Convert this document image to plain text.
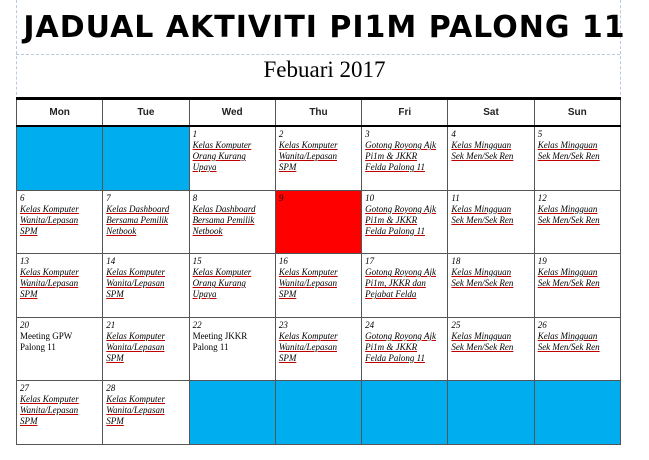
JADUAL AKTIVITI PI1M PALONG 11
Febuari 2017
Mon	Tue	Wed	Thu	Fri	Sat	Sun

		1
Kelas Komputer
Orang Kurang
Upaya	2
Kelas Komputer
Wanita/Lepasan
SPM	3
Gotong Royong Ajk
Pi1m & JKKR
Felda Palong 11	4
Kelas Mingguan
Sek Men/Sek Ren	5
Kelas Mingguan
Sek Men/Sek Ren

6
Kelas Komputer
Wanita/Lepasan
SPM	7
Kelas Dashboard
Bersama Pemilik
Netbook	8
Kelas Dashboard
Bersama Pemilik
Netbook	9	10
Gotong Royong Ajk
Pi1m & JKKR
Felda Palong 11	11
Kelas Mingguan
Sek Men/Sek Ren	12
Kelas Mingguan
Sek Men/Sek Ren

13
Kelas Komputer
Wanita/Lepasan
SPM	14
Kelas Komputer
Wanita/Lepasan
SPM	15
Kelas Komputer
Orang Kurang
Upaya	16
Kelas Komputer
Wanita/Lepasan
SPM	17
Gotong Royong Ajk
Pi1m, JKKR dan
Pejabat Felda	18
Kelas Mingguan
Sek Men/Sek Ren	19
Kelas Mingguan
Sek Men/Sek Ren

20
Meeting GPW
Palong 11	21
Kelas Komputer
Wanita/Lepasan
SPM	22
Meeting JKKR
Palong 11	23
Kelas Komputer
Wanita/Lepasan
SPM	24
Gotong Royong Ajk
Pi1m & JKKR
Felda Palong 11	25
Kelas Mingguan
Sek Men/Sek Ren	26
Kelas Mingguan
Sek Men/Sek Ren

27
Kelas Komputer
Wanita/Lepasan
SPM	28
Kelas Komputer
Wanita/Lepasan
SPM					
